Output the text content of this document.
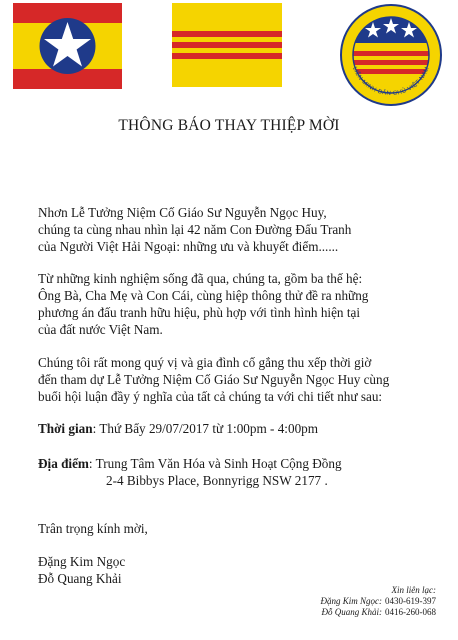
LIÊN MINH DÂN CHỦ VIỆT NAM
THÔNG BÁO THAY THIỆP MỜI
Nhơn Lễ Tưởng Niệm Cố Giáo Sư Nguyễn Ngọc Huy,
chúng ta cùng nhau nhìn lại 42 năm Con Đường Đấu Tranh
của Người Việt Hải Ngoại: những ưu và khuyết điểm......
Từ những kinh nghiệm sống đã qua, chúng ta, gồm ba thế hệ:
Ông Bà, Cha Mẹ và Con Cái, cùng hiệp thông thử đề ra những
phương án đấu tranh hữu hiệu, phù hợp với tình hình hiện tại
của đất nước Việt Nam.
Chúng tôi rất mong quý vị và gia đình cố gắng thu xếp thời giờ
đến tham dự Lễ Tưởng Niệm Cố Giáo Sư Nguyễn Ngọc Huy cùng
buổi hội luận đầy ý nghĩa của tất cả chúng ta với chi tiết như sau:
Thời gian: Thứ Bẩy 29/07/2017 từ 1:00pm - 4:00pm
Địa điểm: Trung Tâm Văn Hóa và Sinh Hoạt Cộng Đồng
2-4 Bibbys Place, Bonnyrigg NSW 2177 .
Trân trọng kính mời,
Đặng Kim Ngọc
Đỗ Quang Khải
Xin liên lạc:
Đặng Kim Ngọc: 0430-619-397
Đỗ Quang Khải: 0416-260-068
